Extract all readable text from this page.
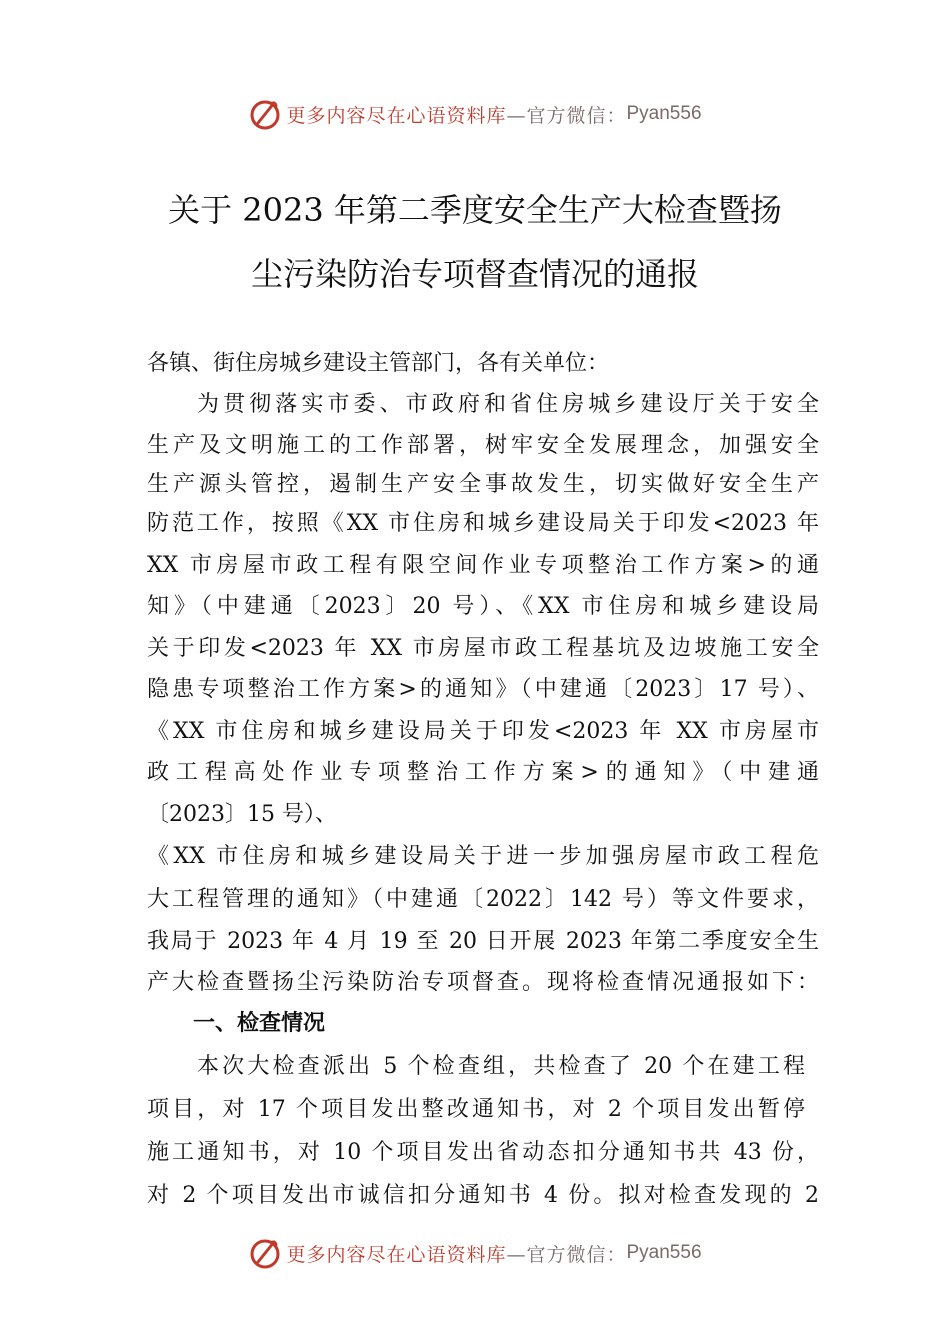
更多内容尽在心语资料库 —官方微信： Pyan556
关于 2023 年第二季度安全生产大检查暨扬
尘污染防治专项督查情况的通报
各镇、街住房城乡建设主管部门，各有关单位：
为贯彻落实市委、市政府和省住房城乡建设厅关于安全
生产及文明施工的工作部署，树牢安全发展理念，加强安全
生产源头管控，遏制生产安全事故发生，切实做好安全生产
防范工作，按照《XX 市住房和城乡建设局关于印发<2023 年
XX 市房屋市政工程有限空间作业专项整治工作方案>的通
知》（中建通〔2023〕20 号）、《XX 市住房和城乡建设局
关于印发<2023 年 XX 市房屋市政工程基坑及边坡施工安全
隐患专项整治工作方案>的通知》（中建通〔2023〕17 号）、
《XX 市住房和城乡建设局关于印发<2023 年 XX 市房屋市
政工程高处作业专项整治工作方案>的通知》（中建通
〔2023〕15 号）、
《XX 市住房和城乡建设局关于进一步加强房屋市政工程危
大工程管理的通知》（中建通〔2022〕142 号）等文件要求，
我局于 2023 年 4 月 19 至 20 日开展 2023 年第二季度安全生
产大检查暨扬尘污染防治专项督查。现将检查情况通报如下：
一、检查情况
本次大检查派出 5 个检查组，共检查了 20 个在建工程
项目，对 17 个项目发出整改通知书，对 2 个项目发出暂停
施工通知书，对 10 个项目发出省动态扣分通知书共 43 份，
对 2 个项目发出市诚信扣分通知书 4 份。拟对检查发现的 2
更多内容尽在心语资料库 —官方微信： Pyan556
